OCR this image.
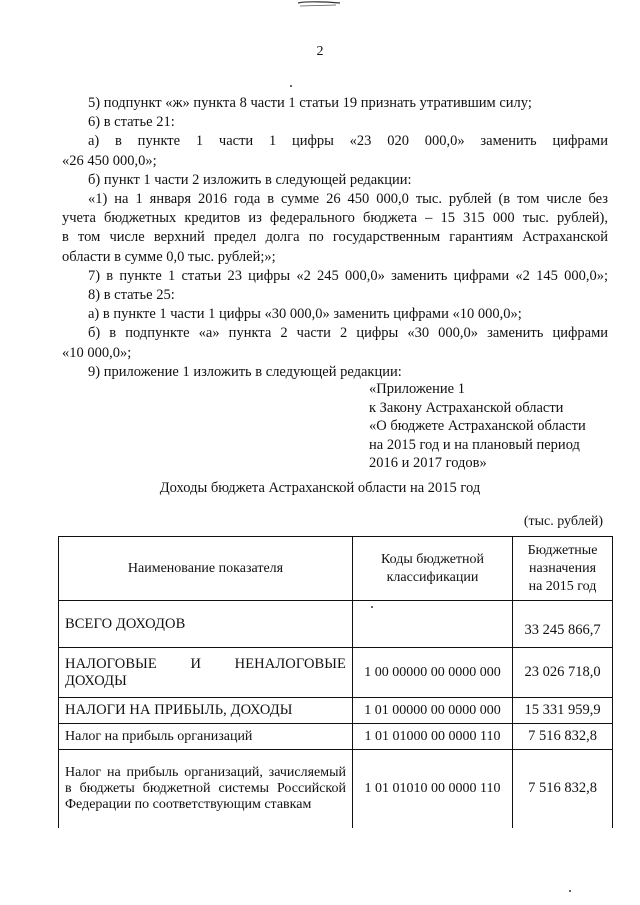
2

5) подпункт «ж» пункта 8 части 1 статьи 19 признать утратившим силу;

6) в статье 21:

а) в пункте 1 части 1 цифры «23 020 000,0» заменить цифрами

«26 450 000,0»;

б) пункт 1 части 2 изложить в следующей редакции:

«1) на 1 января 2016 года в сумме 26 450 000,0 тыс. рублей (в том числе без

учета бюджетных кредитов из федерального бюджета – 15 315 000 тыс. рублей),

в том числе верхний предел долга по государственным гарантиям Астраханской

области в сумме 0,0 тыс. рублей;»;

7) в пункте 1 статьи 23 цифры «2 245 000,0» заменить цифрами «2 145 000,0»;

8) в статье 25:

а) в пункте 1 части 1 цифры «30 000,0» заменить цифрами «10 000,0»;

б) в подпункте «а» пункта 2 части 2 цифры «30 000,0» заменить цифрами

«10 000,0»;

9) приложение 1 изложить в следующей редакции:

«Приложение 1
к Закону Астраханской области
«О бюджете Астраханской области
на 2015 год и на плановый период
2016 и 2017 годов»
Доходы бюджета Астраханской области на 2015 год
(тыс. рублей)
Наименование показателя	Коды бюджетной классификации	Бюджетные
назначения
на 2015 год

ВСЕГО ДОХОДОВ		33 245 866,7
НАЛОГОВЫЕ И НЕНАЛОГОВЫЕ ДОХОДЫ	1 00 00000 00 0000 000	23 026 718,0
НАЛОГИ НА ПРИБЫЛЬ, ДОХОДЫ	1 01 00000 00 0000 000	15 331 959,9
Налог на прибыль организаций	1 01 01000 00 0000 110	7 516 832,8
Налог на прибыль организаций, зачисляемый в бюджеты бюджетной системы Российской Федерации по соответствующим ставкам	1 01 01010 00 0000 110	7 516 832,8
